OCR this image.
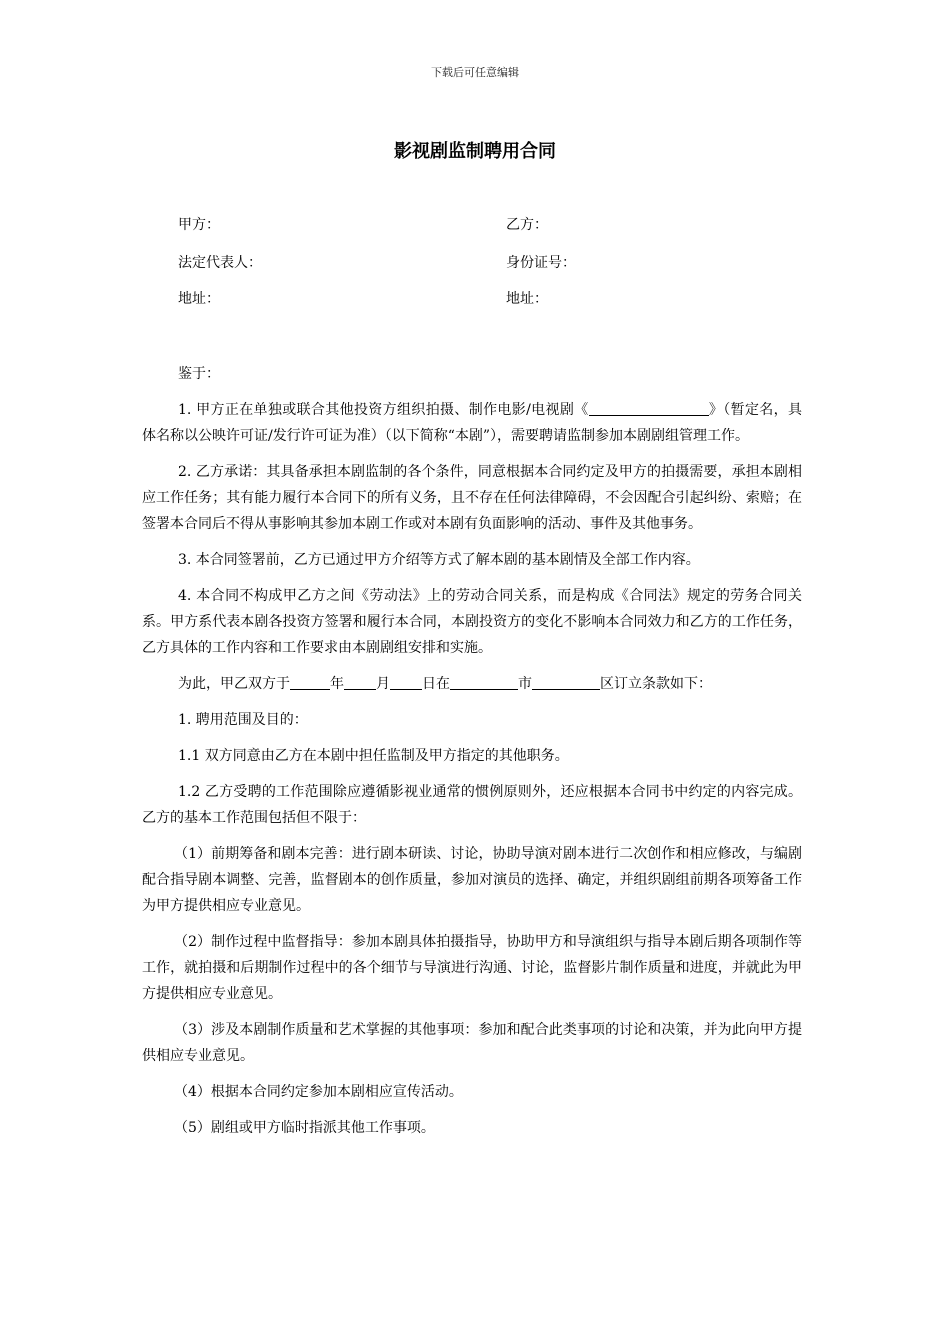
下载后可任意编辑
影视剧监制聘用合同
甲方：	乙方：
法定代表人：	身份证号：
地址：	地址：

鉴于：

1. 甲方正在单独或联合其他投资方组织拍摄、制作电影/电视剧《	》（暂定名，具体名称以公映许可证/发行许可证为准）（以下简称“本剧”），需要聘请监制参加本剧剧组管理工作。

2. 乙方承诺：其具备承担本剧监制的各个条件，同意根据本合同约定及甲方的拍摄需要，承担本剧相应工作任务；其有能力履行本合同下的所有义务，且不存在任何法律障碍，不会因配合引起纠纷、索赔；在签署本合同后不得从事影响其参加本剧工作或对本剧有负面影响的活动、事件及其他事务。

3. 本合同签署前，乙方已通过甲方介绍等方式了解本剧的基本剧情及全部工作内容。

4. 本合同不构成甲乙方之间《劳动法》上的劳动合同关系，而是构成《合同法》规定的劳务合同关系。甲方系代表本剧各投资方签署和履行本合同，本剧投资方的变化不影响本合同效力和乙方的工作任务，乙方具体的工作内容和工作要求由本剧剧组安排和实施。

为此，甲乙双方于	年 月 日在	市	区订立条款如下：

1. 聘用范围及目的：

1.1 双方同意由乙方在本剧中担任监制及甲方指定的其他职务。

1.2 乙方受聘的工作范围除应遵循影视业通常的惯例原则外，还应根据本合同书中约定的内容完成。乙方的基本工作范围包括但不限于：

（1）前期筹备和剧本完善：进行剧本研读、讨论，协助导演对剧本进行二次创作和相应修改，与编剧配合指导剧本调整、完善，监督剧本的创作质量，参加对演员的选择、确定，并组织剧组前期各项筹备工作为甲方提供相应专业意见。

（2）制作过程中监督指导：参加本剧具体拍摄指导，协助甲方和导演组织与指导本剧后期各项制作等工作，就拍摄和后期制作过程中的各个细节与导演进行沟通、讨论，监督影片制作质量和进度，并就此为甲方提供相应专业意见。

（3）涉及本剧制作质量和艺术掌握的其他事项：参加和配合此类事项的讨论和决策，并为此向甲方提供相应专业意见。

（4）根据本合同约定参加本剧相应宣传活动。

（5）剧组或甲方临时指派其他工作事项。
